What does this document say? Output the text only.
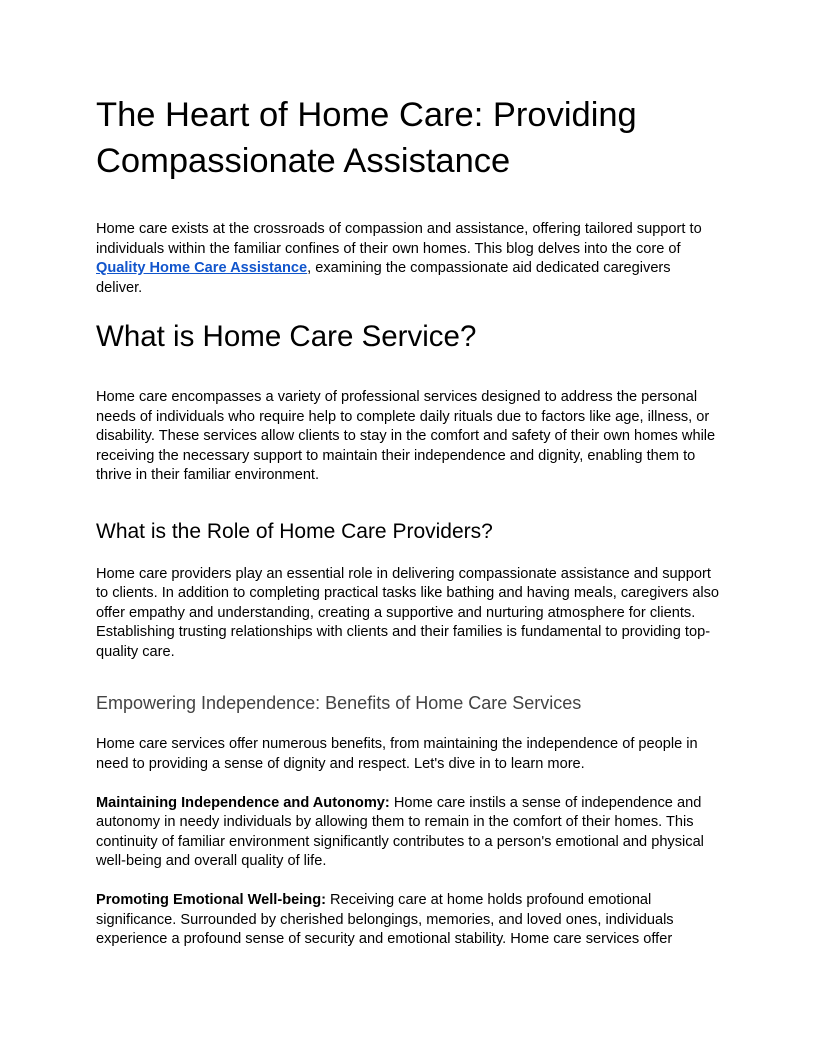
The Heart of Home Care: Providing Compassionate Assistance

Home care exists at the crossroads of compassion and assistance, offering tailored support to individuals within the familiar confines of their own homes. This blog delves into the core of Quality Home Care Assistance, examining the compassionate aid dedicated caregivers deliver.

What is Home Care Service?

Home care encompasses a variety of professional services designed to address the personal needs of individuals who require help to complete daily rituals due to factors like age, illness, or disability. These services allow clients to stay in the comfort and safety of their own homes while receiving the necessary support to maintain their independence and dignity, enabling them to thrive in their familiar environment.

What is the Role of Home Care Providers?

Home care providers play an essential role in delivering compassionate assistance and support to clients. In addition to completing practical tasks like bathing and having meals, caregivers also offer empathy and understanding, creating a supportive and nurturing atmosphere for clients. Establishing trusting relationships with clients and their families is fundamental to providing top-quality care.

Empowering Independence: Benefits of Home Care Services

Home care services offer numerous benefits, from maintaining the independence of people in need to providing a sense of dignity and respect. Let's dive in to learn more.

Maintaining Independence and Autonomy: Home care instils a sense of independence and autonomy in needy individuals by allowing them to remain in the comfort of their homes. This continuity of familiar environment significantly contributes to a person's emotional and physical well-being and overall quality of life.

Promoting Emotional Well-being: Receiving care at home holds profound emotional significance. Surrounded by cherished belongings, memories, and loved ones, individuals experience a profound sense of security and emotional stability. Home care services offer
